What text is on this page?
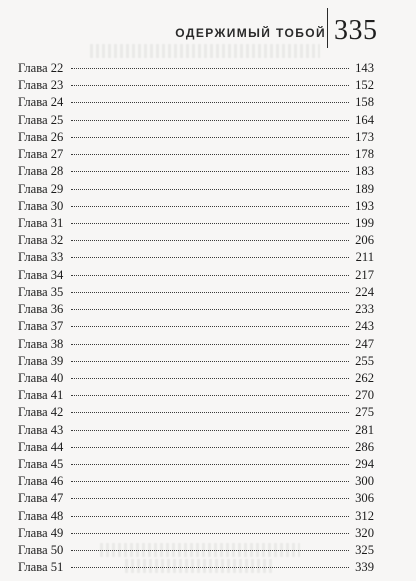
ОДЕРЖИМЫЙ ТОБОЙ 335
Глава 22	143
Глава 23	152
Глава 24	158
Глава 25	164
Глава 26	173
Глава 27	178
Глава 28	183
Глава 29	189
Глава 30	193
Глава 31	199
Глава 32	206
Глава 33	211
Глава 34	217
Глава 35	224
Глава 36	233
Глава 37	243
Глава 38	247
Глава 39	255
Глава 40	262
Глава 41	270
Глава 42	275
Глава 43	281
Глава 44	286
Глава 45	294
Глава 46	300
Глава 47	306
Глава 48	312
Глава 49	320
Глава 50	325
Глава 51	339
